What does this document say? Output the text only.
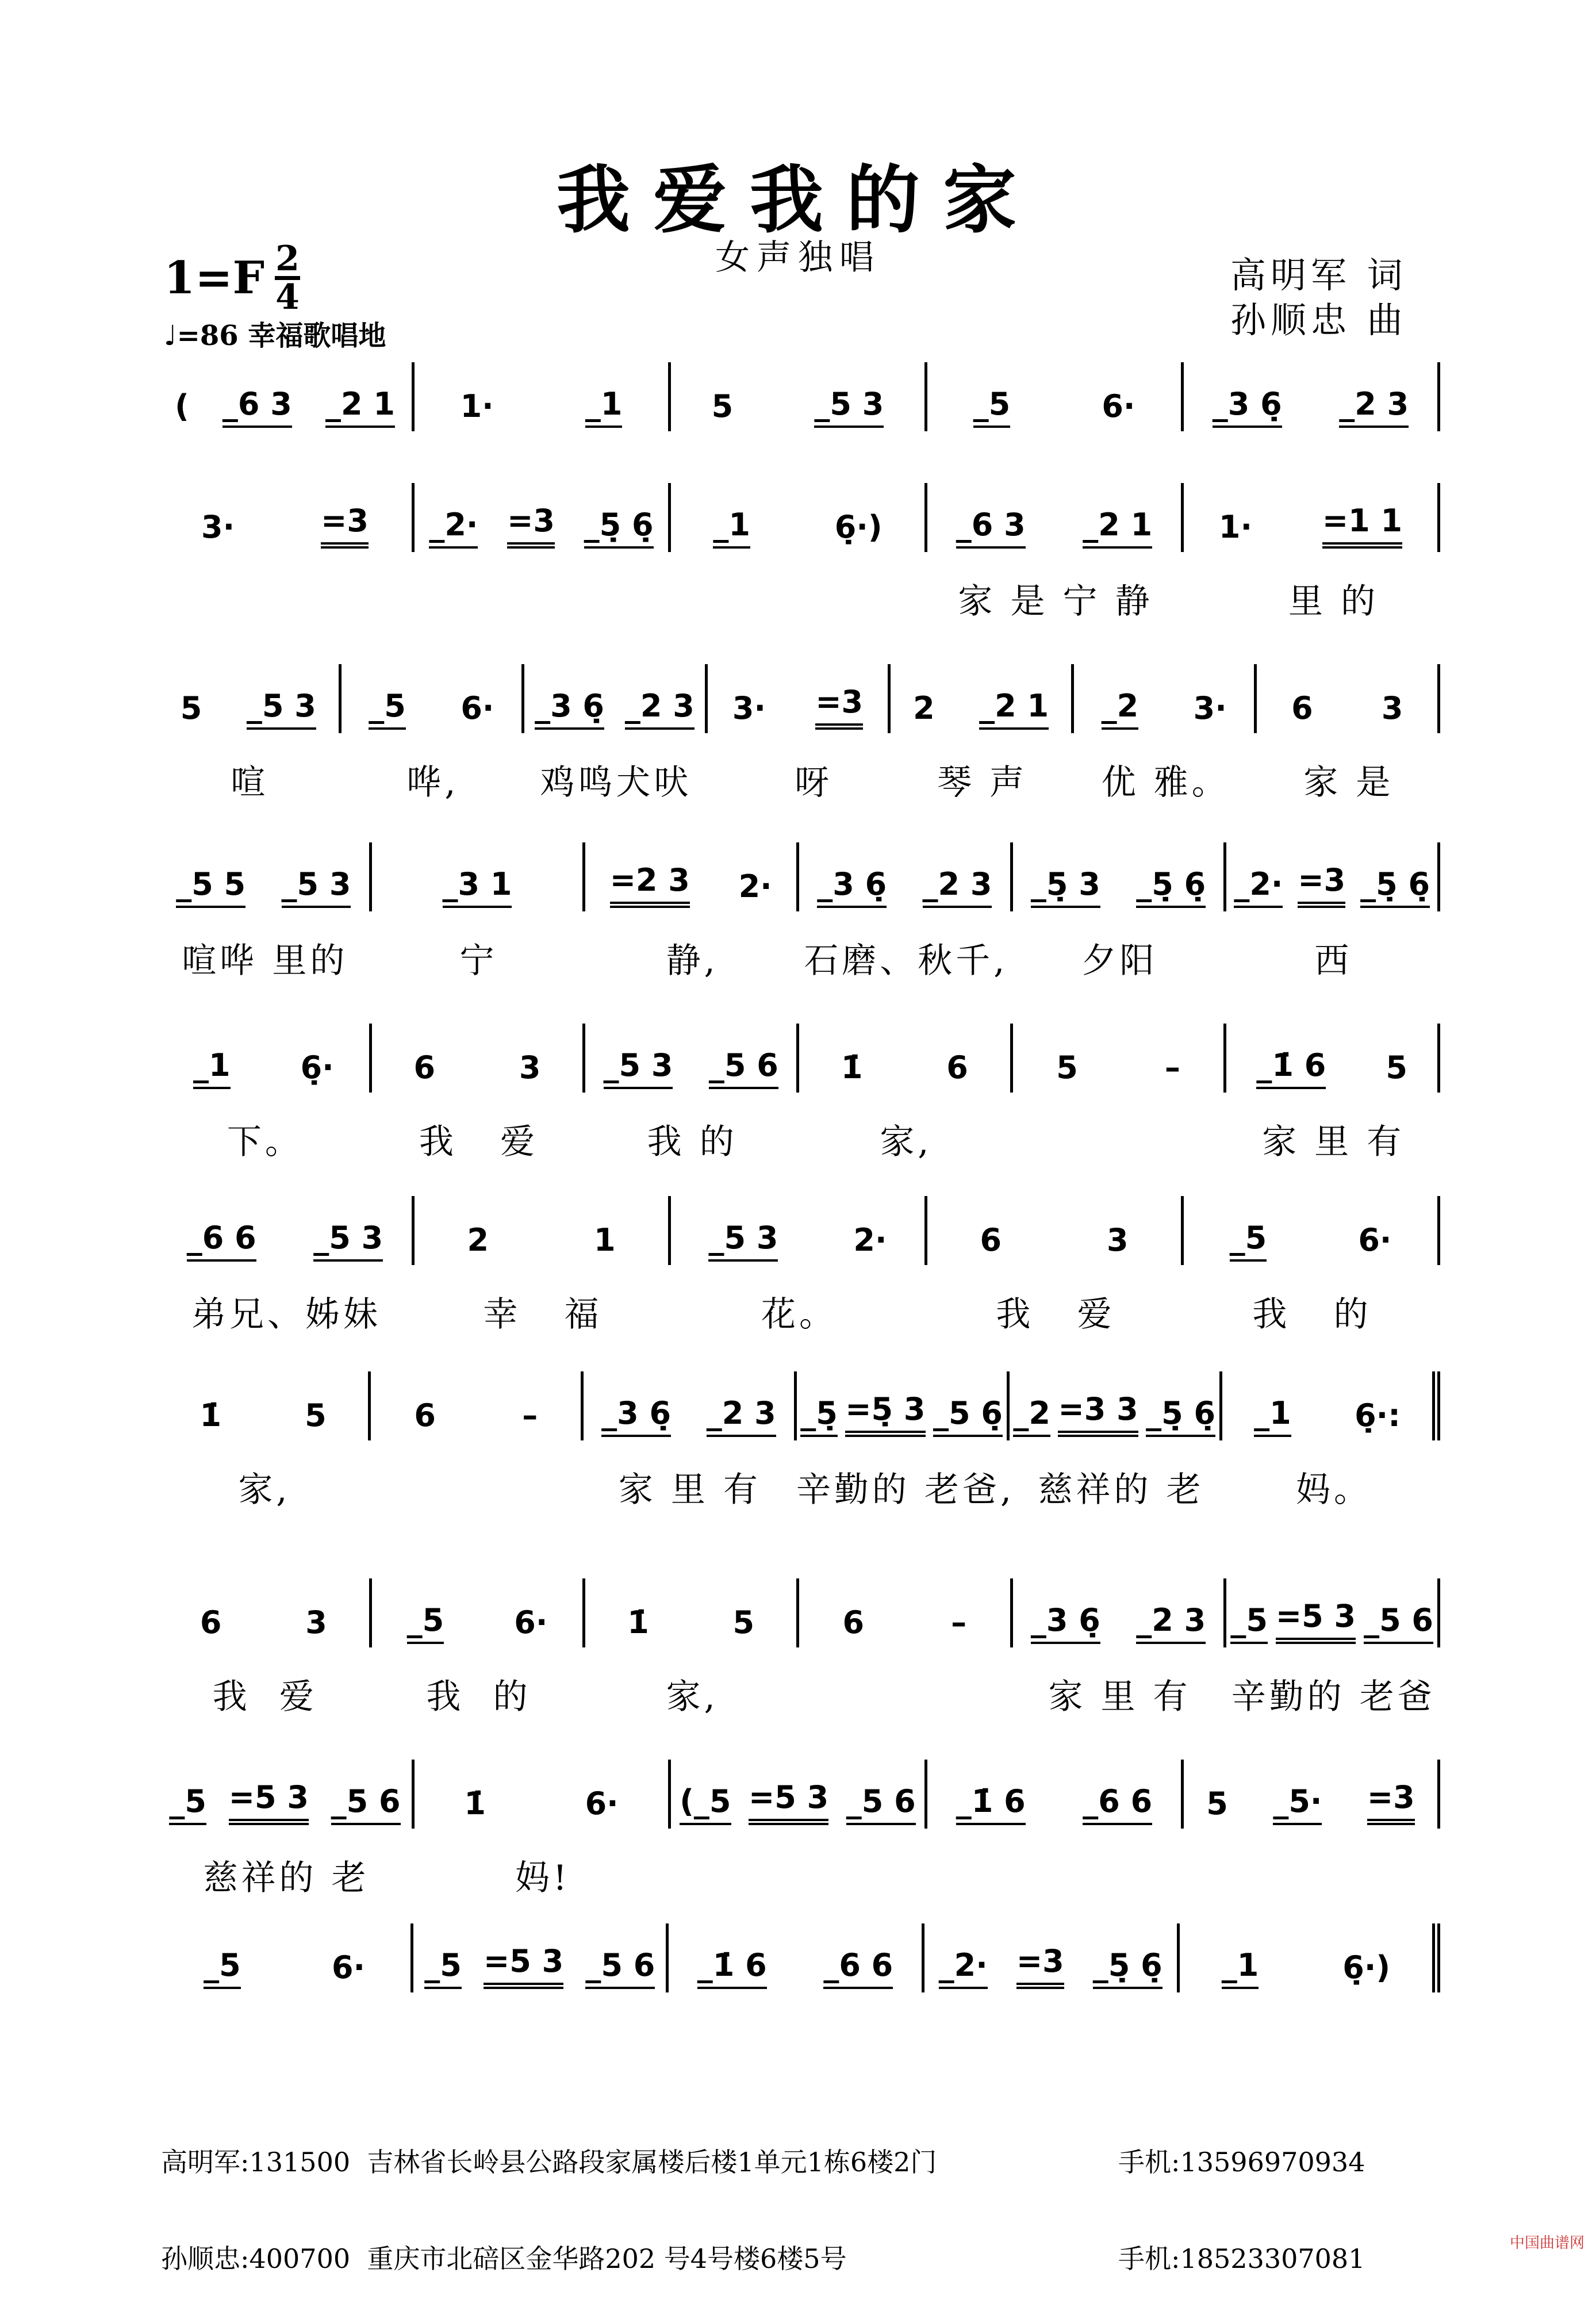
我爱我的家
女声独唱
1=F 2
4
♩=86 幸福歌唱地
高明军 词
孙顺忠 曲
( _6 3 _2 1 1·	_1	5	_5 3	_5	6· _3 6̣ _2 3
3·	=3 _2· =3 _5̣ 6̣ _1	6̣·) _6 3 _2 1 1· =1 1
家 是 宁 静	里 的
5 _5 3 _5 6· _3 6̣ _2 3 3· =3 2 _2 1 _2 3· 6 3
喧	哗,	鸡鸣犬吠	呀	琴 声	优 雅。	家 是
_5 5 _5 3	_3 1	=2 3 2· _3 6̣ _2 3 _5̣ 3 _5̣ 6̣ _2· =3 _5̣ 6̣
喧哗 里的	宁	静,	石磨、秋千,	夕阳	西
_1 6̣·	6	3 _5 3 _5 6 1̇	6	5	– _1̇ 6 5
下。	我   爱	我 的	家,	家 里 有
_6 6 _5 3	2	1	_5 3 2·	6	3	_5	6·
弟兄、姊妹	幸   福	花。	我   爱	我   的
1̇	5	6	– _3 6̣ _2 3 _5̣ =5̣ 3 _5 6̣ _2 =3 3 _5̣ 6̣ _1 6̣·:
家,	家 里 有	辛勤的 老爸, 慈祥的 老	妈。
6	3	_5 6·	1̇	5	6	– _3 6̣ _2 3 _5 =5 3 _5 6
我  爱	我  的	家,	家 里 有	辛勤的 老爸
_5 =5 3 _5 6 1̇	6· (_5 =5 3 _5 6 _1̇ 6 _6 6 5 _5· =3
慈祥的 老	妈!
_5	6· _5 =5 3 _5 6 _1̇ 6 _6 6 _2· =3 _5̣ 6̣ _1	6̣·)

高明军:131500  吉林省长岭县公路段家属楼后楼1单元1栋6楼2门	手机:13596970934

孙顺忠:400700  重庆市北碚区金华路202 号4号楼6楼5号	手机:18523307081	中国曲谱网
